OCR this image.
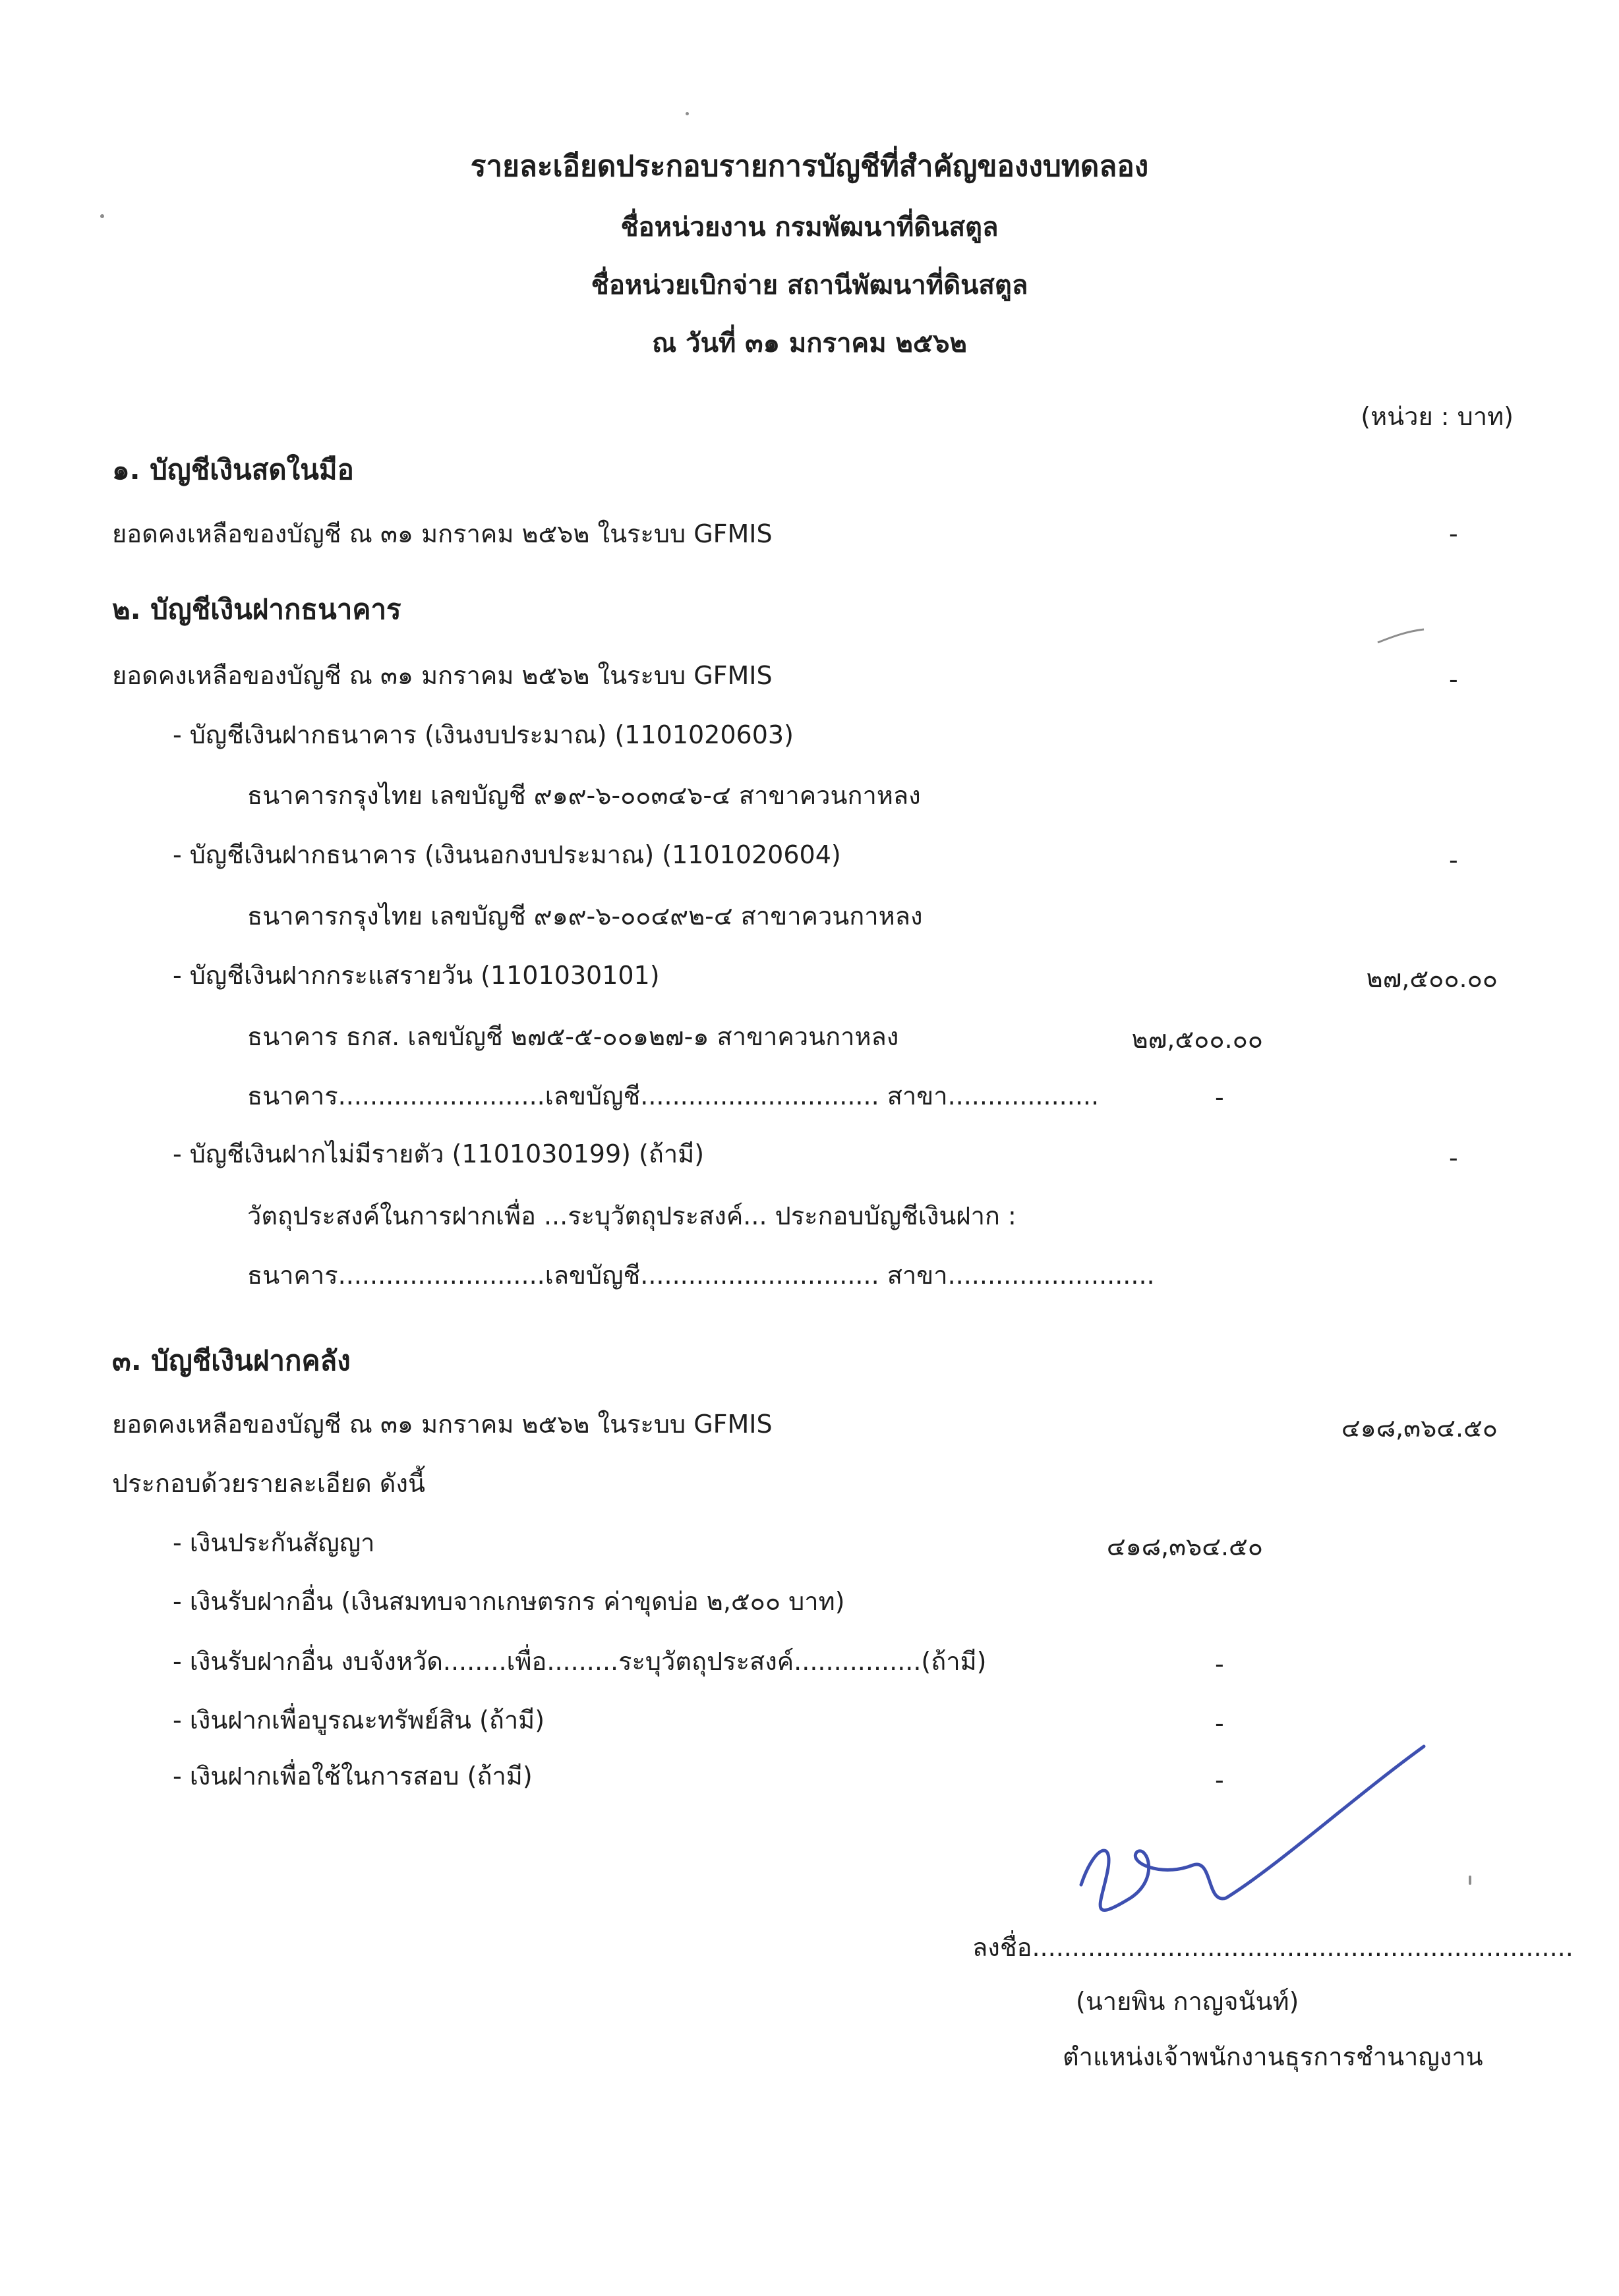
รายละเอียดประกอบรายการบัญชีที่สำคัญของงบทดลอง
ชื่อหน่วยงาน กรมพัฒนาที่ดินสตูล
ชื่อหน่วยเบิกจ่าย สถานีพัฒนาที่ดินสตูล
ณ วันที่ ๓๑ มกราคม ๒๕๖๒
(หน่วย : บาท)
๑. บัญชีเงินสดในมือ
ยอดคงเหลือของบัญชี ณ ๓๑ มกราคม ๒๕๖๒ ในระบบ GFMIS	-
๒. บัญชีเงินฝากธนาคาร
ยอดคงเหลือของบัญชี ณ ๓๑ มกราคม ๒๕๖๒ ในระบบ GFMIS	-
- บัญชีเงินฝากธนาคาร (เงินงบประมาณ) (1101020603)
ธนาคารกรุงไทย เลขบัญชี ๙๑๙-๖-๐๐๓๔๖-๔ สาขาควนกาหลง
- บัญชีเงินฝากธนาคาร (เงินนอกงบประมาณ) (1101020604)	-
ธนาคารกรุงไทย เลขบัญชี ๙๑๙-๖-๐๐๔๙๒-๔ สาขาควนกาหลง
- บัญชีเงินฝากกระแสรายวัน (1101030101)	๒๗,๕๐๐.๐๐
ธนาคาร ธกส. เลขบัญชี ๒๗๕-๕-๐๐๑๒๗-๑ สาขาควนกาหลง	๒๗,๕๐๐.๐๐
ธนาคาร..........................เลขบัญชี.............................. สาขา...................	-
- บัญชีเงินฝากไม่มีรายตัว (1101030199) (ถ้ามี)	-
วัตถุประสงค์ในการฝากเพื่อ ...ระบุวัตถุประสงค์... ประกอบบัญชีเงินฝาก :
ธนาคาร..........................เลขบัญชี.............................. สาขา..........................
๓. บัญชีเงินฝากคลัง
ยอดคงเหลือของบัญชี ณ ๓๑ มกราคม ๒๕๖๒ ในระบบ GFMIS	๔๑๘,๓๖๔.๕๐
ประกอบด้วยรายละเอียด ดังนี้
- เงินประกันสัญญา	๔๑๘,๓๖๔.๕๐
- เงินรับฝากอื่น (เงินสมทบจากเกษตรกร ค่าขุดบ่อ ๒,๕๐๐ บาท)
- เงินรับฝากอื่น งบจังหวัด........เพื่อ.........ระบุวัตถุประสงค์................(ถ้ามี)	-
- เงินฝากเพื่อบูรณะทรัพย์สิน (ถ้ามี)	-
- เงินฝากเพื่อใช้ในการสอบ (ถ้ามี)	-
ลงชื่อ....................................................................
(นายพิน กาญจนันท์)
ตำแหน่งเจ้าพนักงานธุรการชำนาญงาน
